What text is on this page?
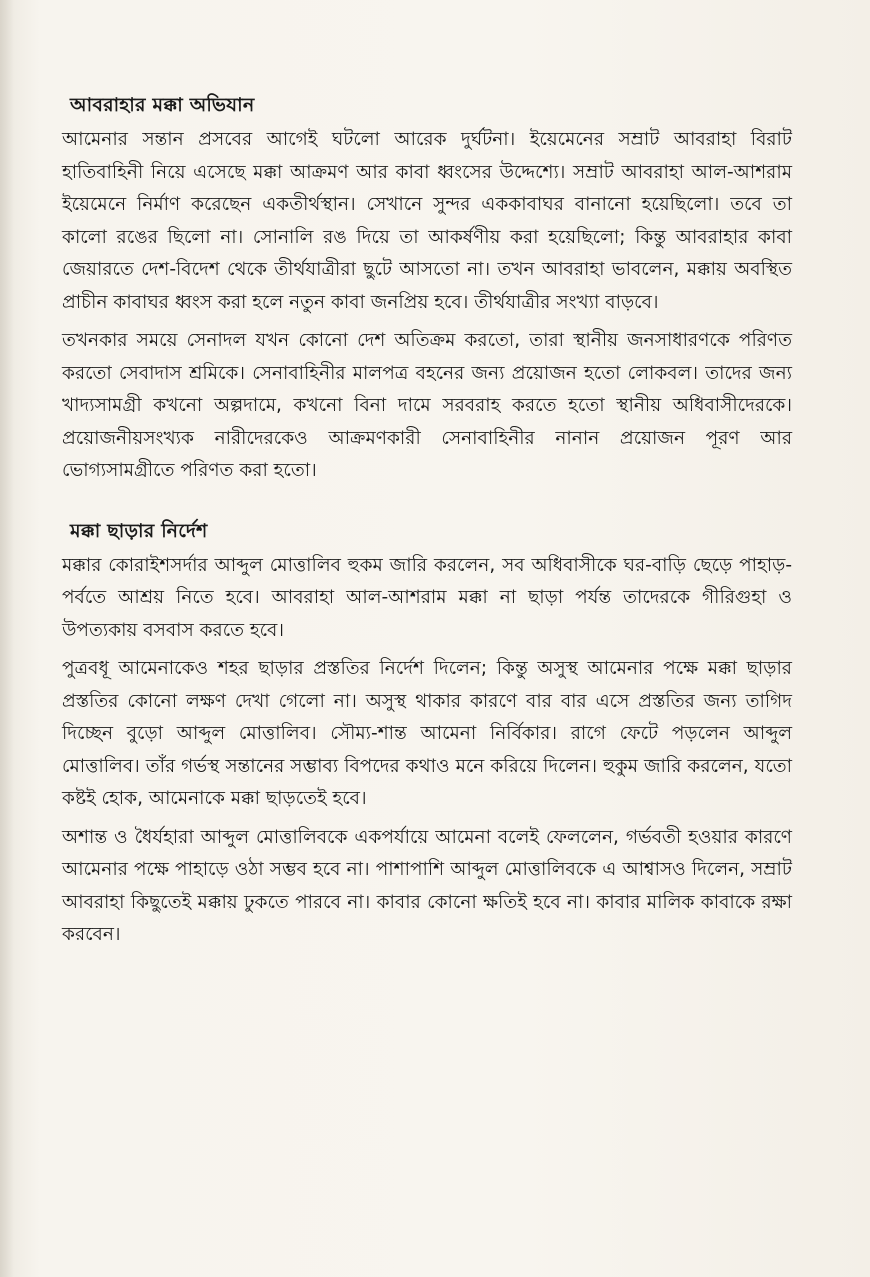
আবরাহার মক্কা অভিযান

আমেনার সন্তান প্রসবের আগেই ঘটলো আরেক দুর্ঘটনা। ইয়েমেনের সম্রাট আবরাহা বিরাট হাতিবাহিনী নিয়ে এসেছে মক্কা আক্রমণ আর কাবা ধ্বংসের উদ্দেশ্যে। সম্রাট আবরাহা আল-আশরাম ইয়েমেনে নির্মাণ করেছেন একতীর্থস্থান। সেখানে সুন্দর এককাবাঘর বানানো হয়েছিলো। তবে তা কালো রঙের ছিলো না। সোনালি রঙ দিয়ে তা আকর্ষণীয় করা হয়েছিলো; কিন্তু আবরাহার কাবা জেয়ারতে দেশ-বিদেশ থেকে তীর্থযাত্রীরা ছুটে আসতো না। তখন আবরাহা ভাবলেন, মক্কায় অবস্থিত প্রাচীন কাবাঘর ধ্বংস করা হলে নতুন কাবা জনপ্রিয় হবে। তীর্থযাত্রীর সংখ্যা বাড়বে।

তখনকার সময়ে সেনাদল যখন কোনো দেশ অতিক্রম করতো, তারা স্থানীয় জনসাধারণকে পরিণত করতো সেবাদাস শ্রমিকে। সেনাবাহিনীর মালপত্র বহনের জন্য প্রয়োজন হতো লোকবল। তাদের জন্য খাদ্যসামগ্রী কখনো অল্পদামে, কখনো বিনা দামে সরবরাহ করতে হতো স্থানীয় অধিবাসীদেরকে। প্রয়োজনীয়সংখ্যক নারীদেরকেও আক্রমণকারী সেনাবাহিনীর নানান প্রয়োজন পূরণ আর ভোগ্যসামগ্রীতে পরিণত করা হতো।

মক্কা ছাড়ার নির্দেশ

মক্কার কোরাইশসর্দার আব্দুল মোত্তালিব হুকম জারি করলেন, সব অধিবাসীকে ঘর-বাড়ি ছেড়ে পাহাড়-পর্বতে আশ্রয় নিতে হবে। আবরাহা আল-আশরাম মক্কা না ছাড়া পর্যন্ত তাদেরকে গীরিগুহা ও উপত্যকায় বসবাস করতে হবে।

পুত্রবধূ আমেনাকেও শহর ছাড়ার প্রস্ততির নির্দেশ দিলেন; কিন্তু অসুস্থ আমেনার পক্ষে মক্কা ছাড়ার প্রস্ততির কোনো লক্ষণ দেখা গেলো না। অসুস্থ থাকার কারণে বার বার এসে প্রস্ততির জন্য তাগিদ দিচ্ছেন বুড়ো আব্দুল মোত্তালিব। সৌম্য-শান্ত আমেনা নির্বিকার। রাগে ফেটে পড়লেন আব্দুল মোত্তালিব। তাঁর গর্ভস্থ সন্তানের সম্ভাব্য বিপদের কথাও মনে করিয়ে দিলেন। হুকুম জারি করলেন, যতো কষ্টই হোক, আমেনাকে মক্কা ছাড়তেই হবে।

অশান্ত ও ধৈর্যহারা আব্দুল মোত্তালিবকে একপর্যায়ে আমেনা বলেই ফেললেন, গর্ভবতী হওয়ার কারণে আমেনার পক্ষে পাহাড়ে ওঠা সম্ভব হবে না। পাশাপাশি আব্দুল মোত্তালিবকে এ আশ্বাসও দিলেন, সম্রাট আবরাহা কিছুতেই মক্কায় ঢুকতে পারবে না। কাবার কোনো ক্ষতিই হবে না। কাবার মালিক কাবাকে রক্ষা করবেন।
